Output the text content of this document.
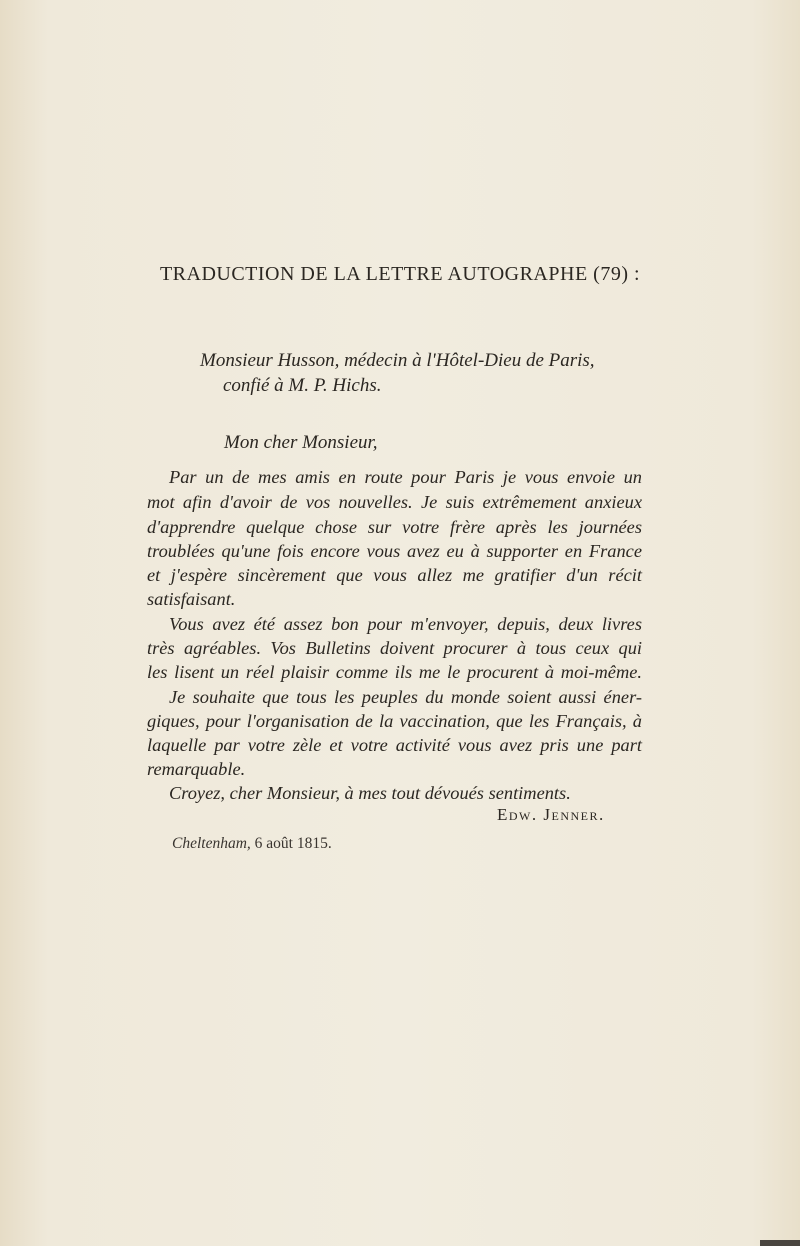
TRADUCTION DE LA LETTRE AUTOGRAPHE (79) :
Monsieur Husson, médecin à l'Hôtel-Dieu de Paris,
confié à M. P. Hichs.
Mon cher Monsieur,
Par un de mes amis en route pour Paris je vous envoie un
mot afin d'avoir de vos nouvelles. Je suis extrêmement anxieux
d'apprendre quelque chose sur votre frère après les journées
troublées qu'une fois encore vous avez eu à supporter en France
et j'espère sincèrement que vous allez me gratifier d'un récit
satisfaisant.
Vous avez été assez bon pour m'envoyer, depuis, deux livres
très agréables. Vos Bulletins doivent procurer à tous ceux qui
les lisent un réel plaisir comme ils me le procurent à moi-même.
Je souhaite que tous les peuples du monde soient aussi éner-
giques, pour l'organisation de la vaccination, que les Français, à
laquelle par votre zèle et votre activité vous avez pris une part
remarquable.
Croyez, cher Monsieur, à mes tout dévoués sentiments.
Edw. Jenner.
Cheltenham, 6 août 1815.
